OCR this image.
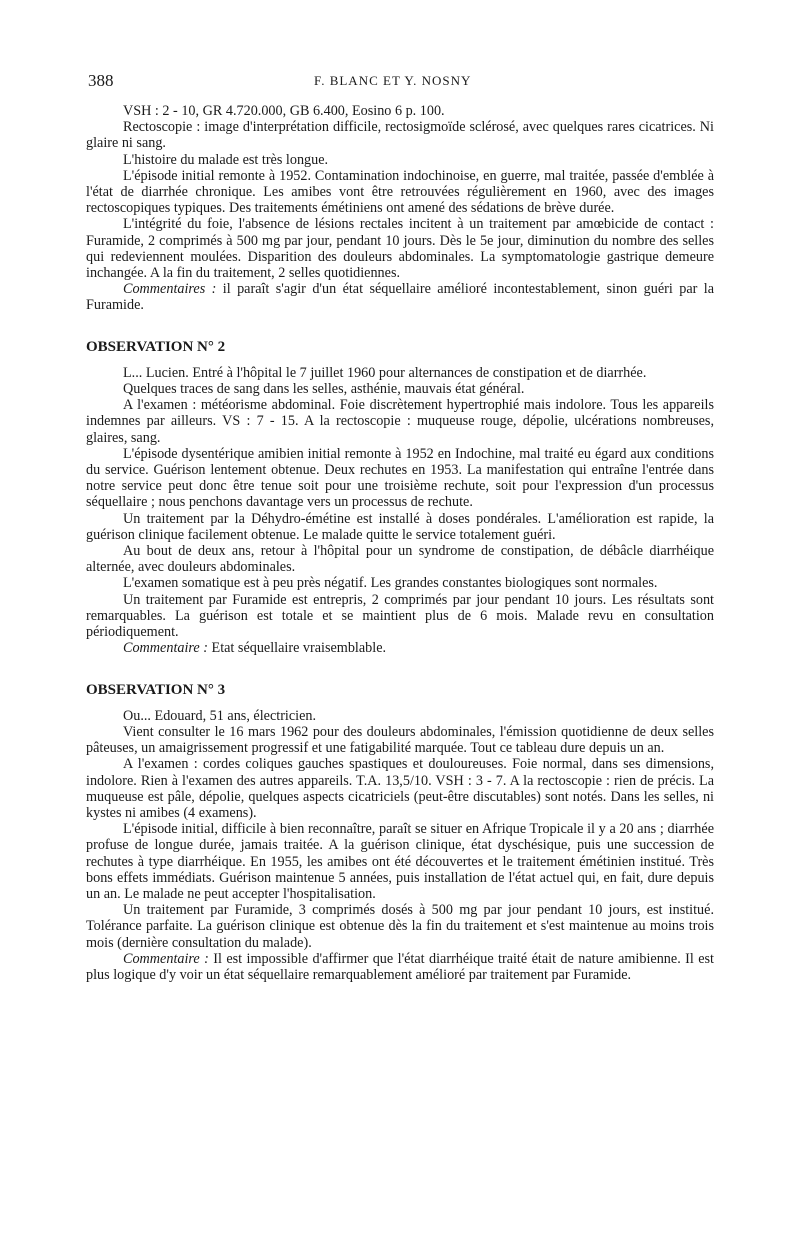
388	F. BLANC ET Y. NOSNY

VSH : 2 - 10, GR 4.720.000, GB 6.400, Eosino 6 p. 100.

Rectoscopie : image d'interprétation difficile, rectosigmoïde sclérosé, avec quelques rares cicatrices. Ni glaire ni sang.

L'histoire du malade est très longue.

L'épisode initial remonte à 1952. Contamination indochinoise, en guerre, mal traitée, passée d'emblée à l'état de diarrhée chronique. Les amibes vont être retrouvées régulièrement en 1960, avec des images rectoscopiques typiques. Des traitements émétiniens ont amené des sédations de brève durée.

L'intégrité du foie, l'absence de lésions rectales incitent à un traitement par amœbicide de contact : Furamide, 2 comprimés à 500 mg par jour, pendant 10 jours. Dès le 5e jour, diminution du nombre des selles qui redeviennent moulées. Disparition des douleurs abdominales. La symptomatologie gastrique demeure inchangée. A la fin du traitement, 2 selles quotidiennes.

Commentaires : il paraît s'agir d'un état séquellaire amélioré incontestablement, sinon guéri par la Furamide.

OBSERVATION N° 2

L... Lucien. Entré à l'hôpital le 7 juillet 1960 pour alternances de constipation et de diarrhée.

Quelques traces de sang dans les selles, asthénie, mauvais état général.

A l'examen : météorisme abdominal. Foie discrètement hypertrophié mais indolore. Tous les appareils indemnes par ailleurs. VS : 7 - 15. A la rectoscopie : muqueuse rouge, dépolie, ulcérations nombreuses, glaires, sang.

L'épisode dysentérique amibien initial remonte à 1952 en Indochine, mal traité eu égard aux conditions du service. Guérison lentement obtenue. Deux rechutes en 1953. La manifestation qui entraîne l'entrée dans notre service peut donc être tenue soit pour une troisième rechute, soit pour l'expression d'un processus séquellaire ; nous penchons davantage vers un processus de rechute.

Un traitement par la Déhydro-émétine est installé à doses pondérales. L'amélioration est rapide, la guérison clinique facilement obtenue. Le malade quitte le service totalement guéri.

Au bout de deux ans, retour à l'hôpital pour un syndrome de constipation, de débâcle diarrhéique alternée, avec douleurs abdominales.

L'examen somatique est à peu près négatif. Les grandes constantes biologiques sont normales.

Un traitement par Furamide est entrepris, 2 comprimés par jour pendant 10 jours. Les résultats sont remarquables. La guérison est totale et se maintient plus de 6 mois. Malade revu en consultation périodiquement.

Commentaire : Etat séquellaire vraisemblable.

OBSERVATION N° 3

Ou... Edouard, 51 ans, électricien.

Vient consulter le 16 mars 1962 pour des douleurs abdominales, l'émission quotidienne de deux selles pâteuses, un amaigrissement progressif et une fatigabilité marquée. Tout ce tableau dure depuis un an.

A l'examen : cordes coliques gauches spastiques et douloureuses. Foie normal, dans ses dimensions, indolore. Rien à l'examen des autres appareils. T.A. 13,5/10. VSH : 3 - 7. A la rectoscopie : rien de précis. La muqueuse est pâle, dépolie, quelques aspects cicatriciels (peut-être discutables) sont notés. Dans les selles, ni kystes ni amibes (4 examens).

L'épisode initial, difficile à bien reconnaître, paraît se situer en Afrique Tropicale il y a 20 ans ; diarrhée profuse de longue durée, jamais traitée. A la guérison clinique, état dyschésique, puis une succession de rechutes à type diarrhéique. En 1955, les amibes ont été découvertes et le traitement émétinien institué. Très bons effets immédiats. Guérison maintenue 5 années, puis installation de l'état actuel qui, en fait, dure depuis un an. Le malade ne peut accepter l'hospitalisation.

Un traitement par Furamide, 3 comprimés dosés à 500 mg par jour pendant 10 jours, est institué. Tolérance parfaite. La guérison clinique est obtenue dès la fin du traitement et s'est maintenue au moins trois mois (dernière consultation du malade).

Commentaire : Il est impossible d'affirmer que l'état diarrhéique traité était de nature amibienne. Il est plus logique d'y voir un état séquellaire remarquablement amélioré par traitement par Furamide.
